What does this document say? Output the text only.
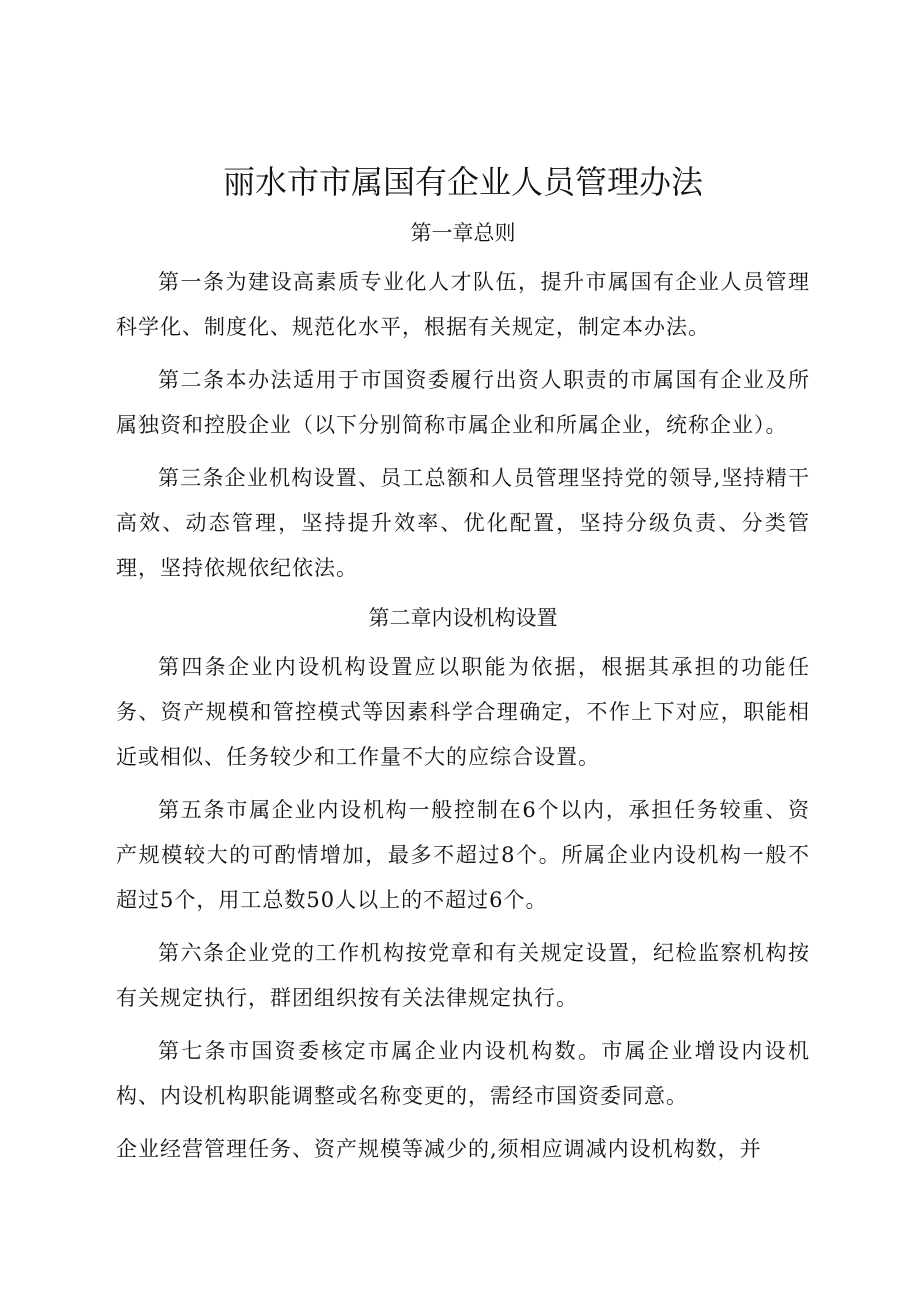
丽水市市属国有企业人员管理办法
第一章总则

第一条为建设高素质专业化人才队伍，提升市属国有企业人员管理科学化、制度化、规范化水平，根据有关规定，制定本办法。

第二条本办法适用于市国资委履行出资人职责的市属国有企业及所属独资和控股企业（以下分别简称市属企业和所属企业，统称企业）。

第三条企业机构设置、员工总额和人员管理坚持党的领导,坚持精干高效、动态管理，坚持提升效率、优化配置，坚持分级负责、分类管理，坚持依规依纪依法。

第二章内设机构设置

第四条企业内设机构设置应以职能为依据，根据其承担的功能任务、资产规模和管控模式等因素科学合理确定，不作上下对应，职能相近或相似、任务较少和工作量不大的应综合设置。

第五条市属企业内设机构一般控制在6个以内，承担任务较重、资产规模较大的可酌情增加，最多不超过8个。所属企业内设机构一般不超过5个，用工总数50人以上的不超过6个。

第六条企业党的工作机构按党章和有关规定设置，纪检监察机构按有关规定执行，群团组织按有关法律规定执行。

第七条市国资委核定市属企业内设机构数。市属企业增设内设机构、内设机构职能调整或名称变更的，需经市国资委同意。

企业经营管理任务、资产规模等减少的,须相应调减内设机构数，并
